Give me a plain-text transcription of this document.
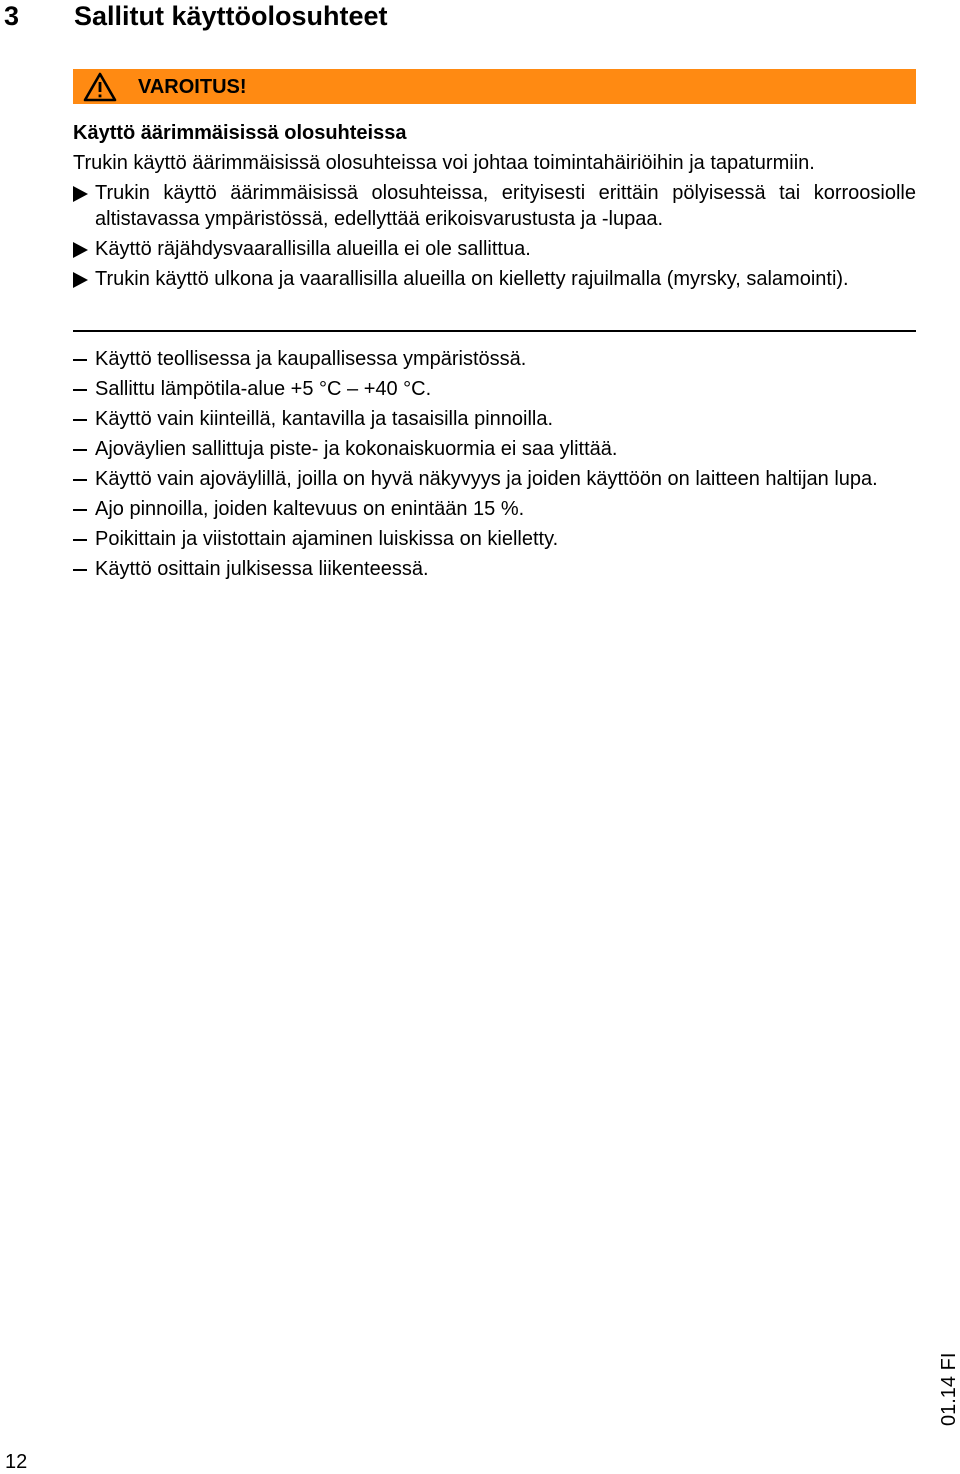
3 Sallitut käyttöolosuhteet
VAROITUS!
Käyttö äärimmäisissä olosuhteissa
Trukin käyttö äärimmäisissä olosuhteissa voi johtaa toimintahäiriöihin ja tapaturmiin.
Trukin käyttö äärimmäisissä olosuhteissa, erityisesti erittäin pölyisessä tai korroosiolle altistavassa ympäristössä, edellyttää erikoisvarustusta ja -lupaa.
Käyttö räjähdysvaarallisilla alueilla ei ole sallittua.
Trukin käyttö ulkona ja vaarallisilla alueilla on kielletty rajuilmalla (myrsky, salamointi).
Käyttö teollisessa ja kaupallisessa ympäristössä.
Sallittu lämpötila-alue +5 °C – +40 °C.
Käyttö vain kiinteillä, kantavilla ja tasaisilla pinnoilla.
Ajoväylien sallittuja piste- ja kokonaiskuormia ei saa ylittää.
Käyttö vain ajoväylillä, joilla on hyvä näkyvyys ja joiden käyttöön on laitteen haltijan lupa.
Ajo pinnoilla, joiden kaltevuus on enintään 15 %.
Poikittain ja viistottain ajaminen luiskissa on kielletty.
Käyttö osittain julkisessa liikenteessä.
12
01.14 FI
